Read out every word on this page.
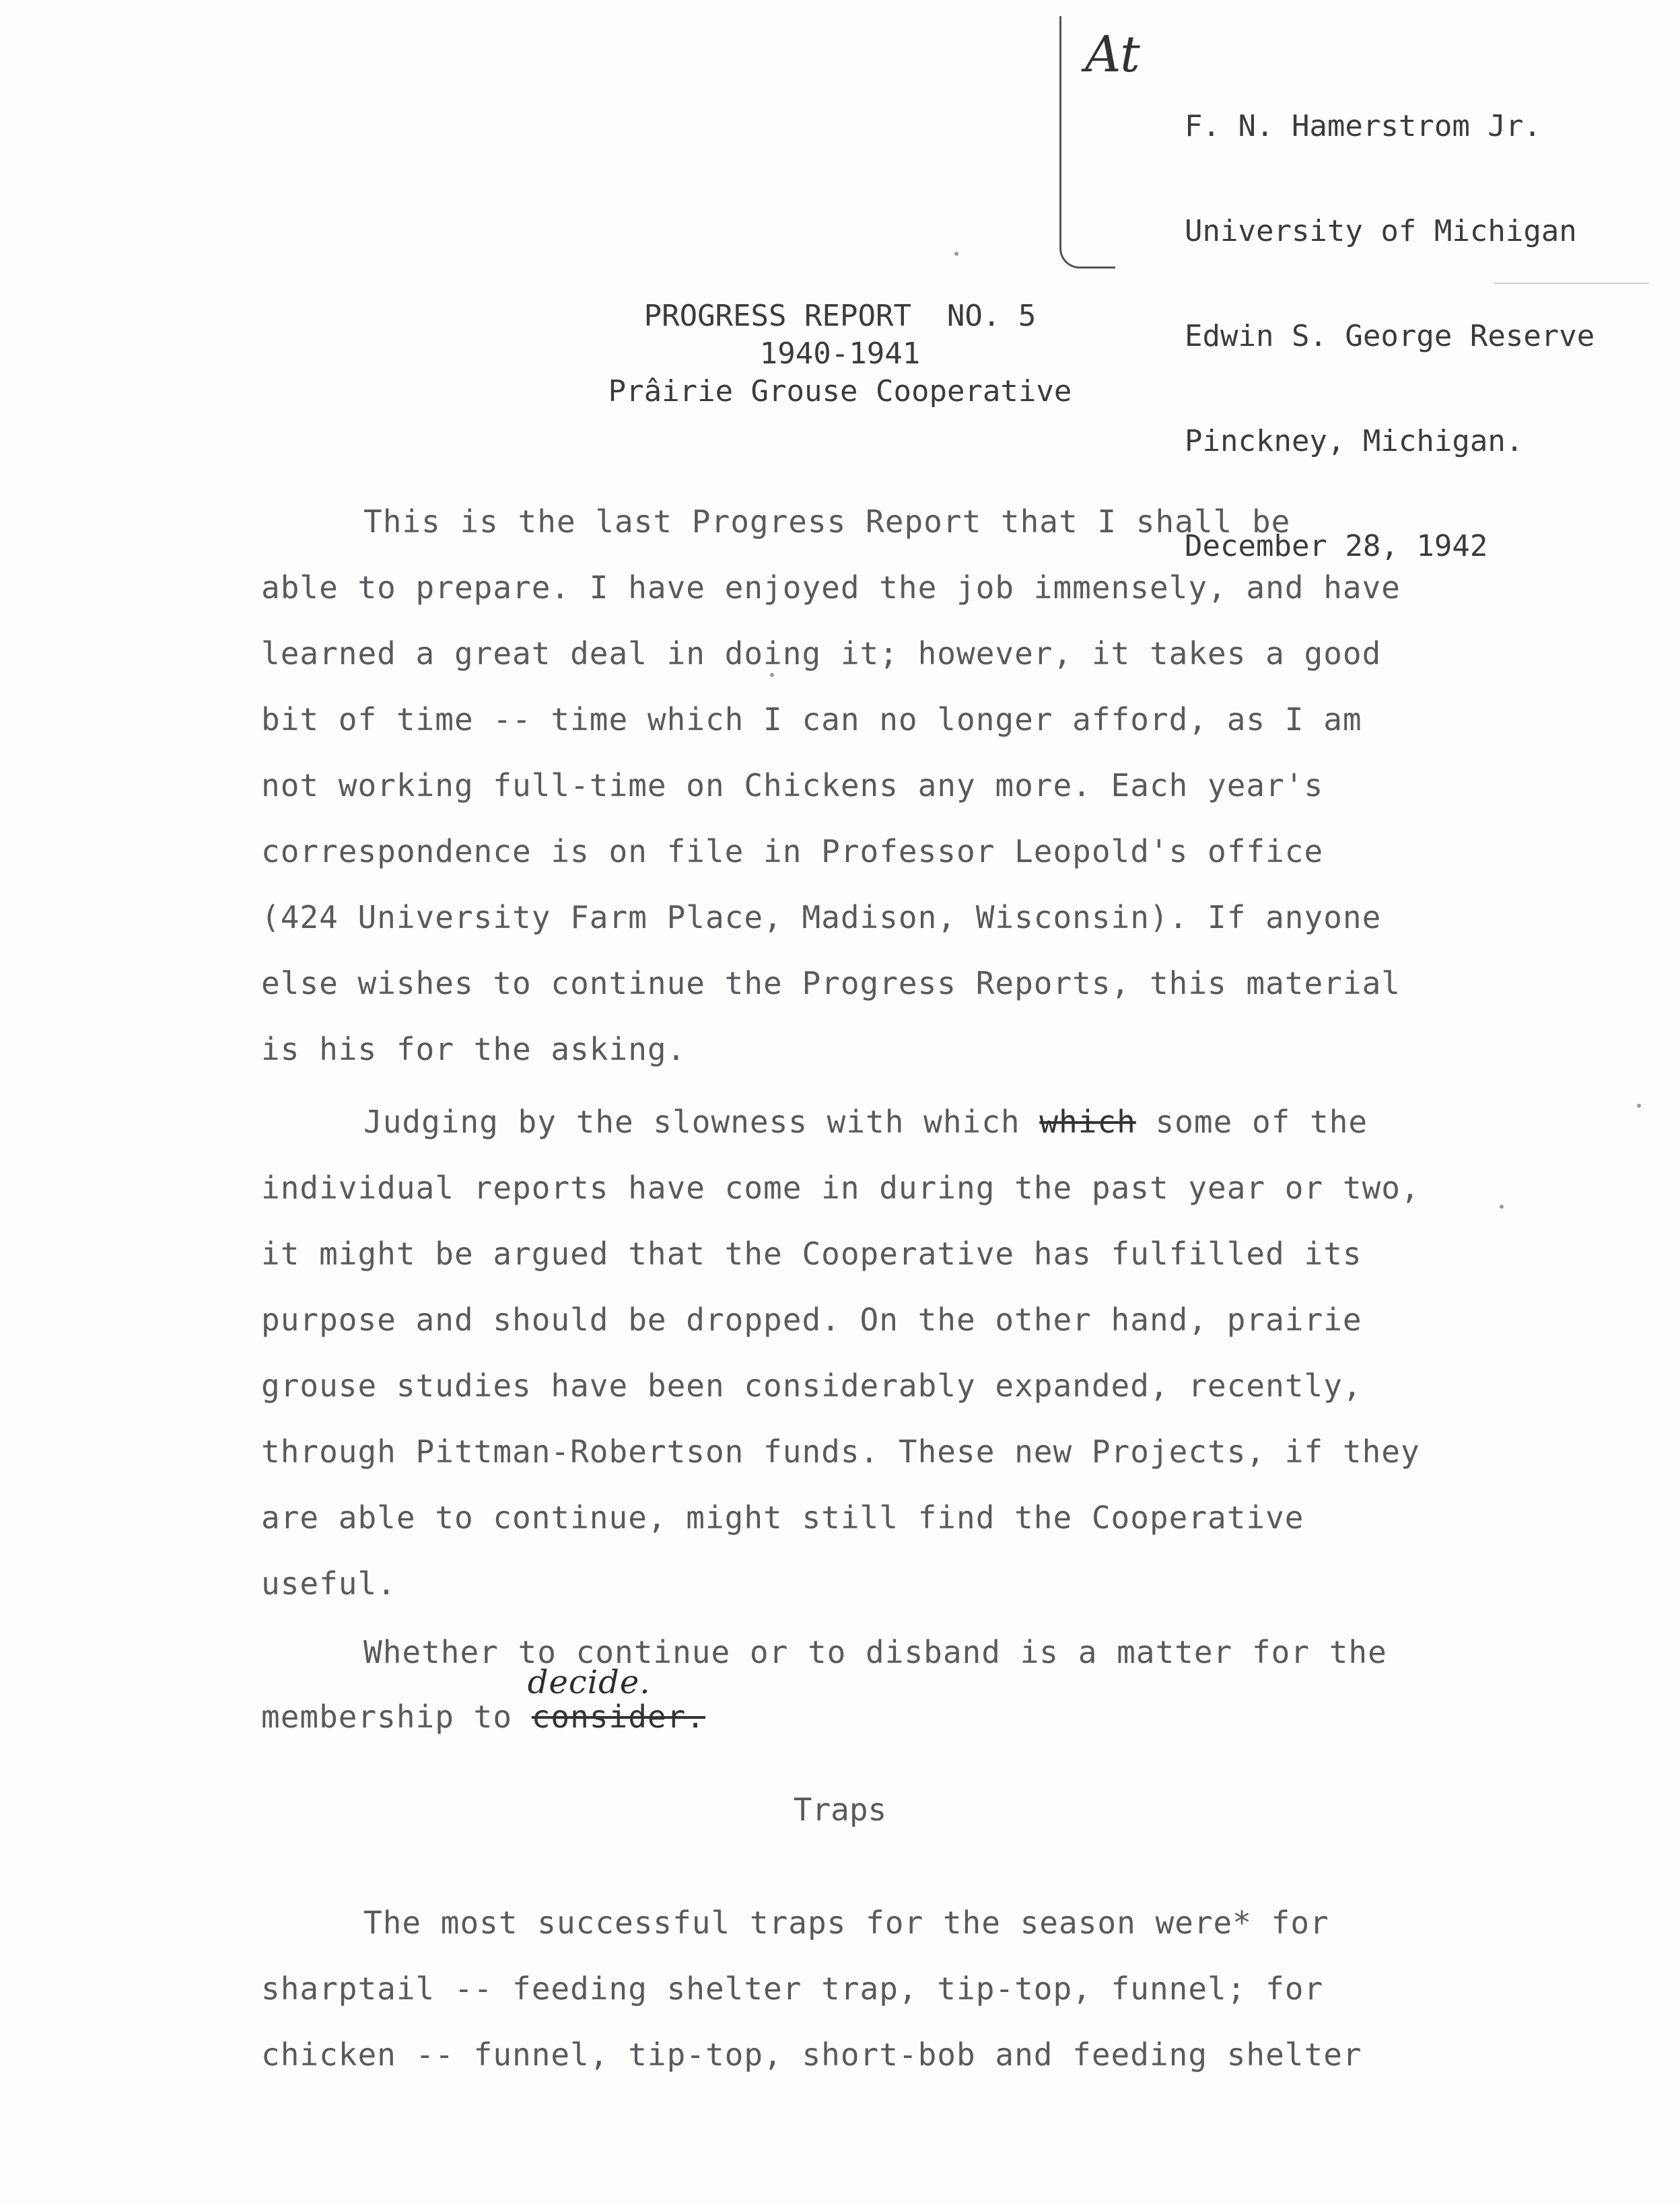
At

F. N. Hamerstrom Jr.

University of Michigan

Edwin S. George Reserve

Pinckney, Michigan.

December 28, 1942

PROGRESS REPORT  NO. 5
1940-1941
Prâirie Grouse Cooperative
This is the last Progress Report that I shall be
able to prepare. I have enjoyed the job immensely, and have
learned a great deal in doing it; however, it takes a good
bit of time -- time which I can no longer afford, as I am
not working full-time on Chickens any more. Each year's
correspondence is on file in Professor Leopold's office
(424 University Farm Place, Madison, Wisconsin). If anyone
else wishes to continue the Progress Reports, this material
is his for the asking.
Judging by the slowness with which which some of the
individual reports have come in during the past year or two,
it might be argued that the Cooperative has fulfilled its
purpose and should be dropped. On the other hand, prairie
grouse studies have been considerably expanded, recently,
through Pittman-Robertson funds. These new Projects, if they
are able to continue, might still find the Cooperative
useful.
Whether to continue or to disband is a matter for the
membership to
decide.
consider.
Traps
The most successful traps for the season were* for
sharptail -- feeding shelter trap, tip-top, funnel; for
chicken -- funnel, tip-top, short-bob and feeding shelter
